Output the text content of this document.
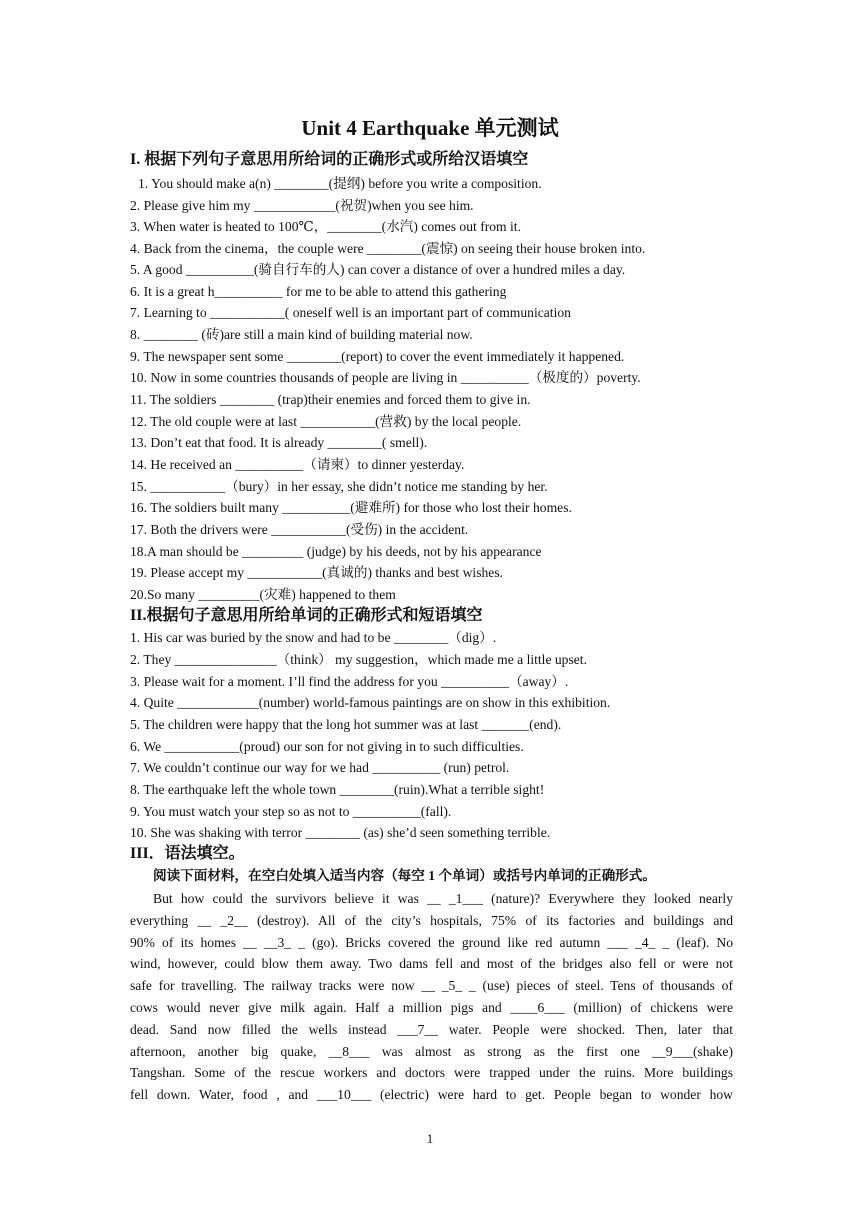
Unit 4 Earthquake 单元测试
I. 根据下列句子意思用所给词的正确形式或所给汉语填空
1. You should make a(n) ________(提纲) before you write a composition.
2. Please give him my ____________(祝贺)when you see him.
3. When water is heated to 100℃，________(水汽) comes out from it.
4. Back from the cinema，the couple were ________(震惊) on seeing their house broken into.
5. A good __________(骑自行车的人) can cover a distance of over a hundred miles a day.
6. It is a great h__________ for me to be able to attend this gathering
7. Learning to ___________( oneself well is an important part of communication
8. ________ (砖)are still a main kind of building material now.
9. The newspaper sent some ________(report) to cover the event immediately it happened.
10. Now in some countries thousands of people are living in __________（极度的）poverty.
11. The soldiers ________ (trap)their enemies and forced them to give in.
12. The old couple were at last ___________(营救) by the local people.
13. Don’t eat that food. It is already ________( smell).
14. He received an __________（请柬）to dinner yesterday.
15. ___________（bury）in her essay, she didn’t notice me standing by her.
16. The soldiers built many __________(避难所) for those who lost their homes.
17. Both the drivers were ___________(受伤) in the accident.
18.A man should be _________ (judge) by his deeds, not by his appearance
19. Please accept my ___________(真诚的) thanks and best wishes.
20.So many _________(灾难) happened to them
II.根据句子意思用所给单词的正确形式和短语填空
1. His car was buried by the snow and had to be ________（dig）.
2. They _______________（think） my suggestion，which made me a little upset.
3. Please wait for a moment. I’ll find the address for you __________（away）.
4. Quite ____________(number) world-famous paintings are on show in this exhibition.
5. The children were happy that the long hot summer was at last _______(end).
6. We ___________(proud) our son for not giving in to such difficulties.
7. We couldn’t continue our way for we had __________ (run) petrol.
8. The earthquake left the whole town ________(ruin).What a terrible sight!
9. You must watch your step so as not to __________(fall).
10. She was shaking with terror ________ (as) she’d seen something terrible.
III．语法填空。
阅读下面材料，在空白处填入适当内容（每空 1 个单词）或括号内单词的正确形式。
But how could the survivors believe it was __ _1___ (nature)? Everywhere they looked nearly
everything __ _2__ (destroy). All of the city’s hospitals, 75% of its factories and buildings and
90% of its homes __ __3_ _ (go). Bricks covered the ground like red autumn ___ _4_ _ (leaf). No
wind, however, could blow them away. Two dams fell and most of the bridges also fell or were not
safe for travelling. The railway tracks were now __ _5_ _ (use) pieces of steel. Tens of thousands of
cows would never give milk again. Half a million pigs and ____6___ (million) of chickens were
dead. Sand now filled the wells instead ___7__ water. People were shocked. Then, later that
afternoon, another big quake, __8___ was almost as strong as the first one __9___(shake)
Tangshan. Some of the rescue workers and doctors were trapped under the ruins. More buildings
fell down. Water, food , and ___10___ (electric) were hard to get. People began to wonder how
1
